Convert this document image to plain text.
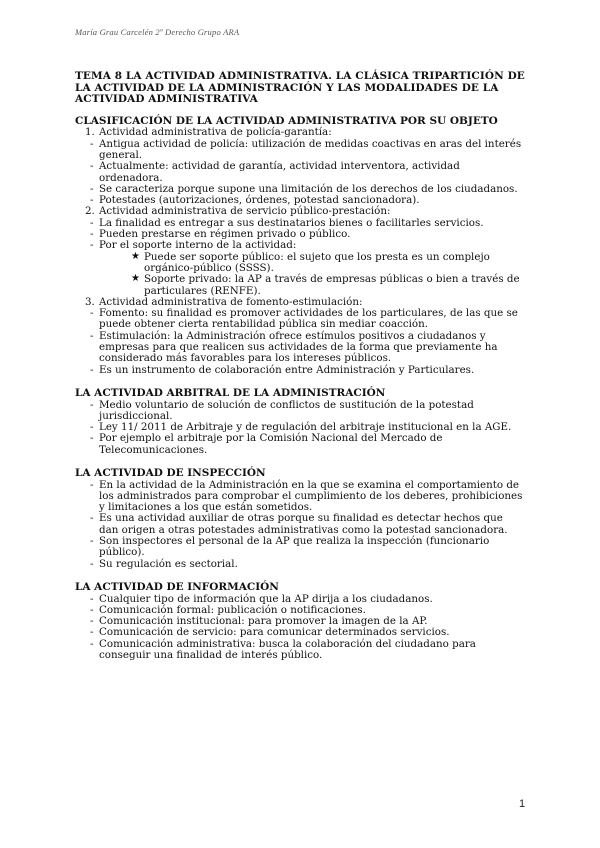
María Grau Carcelén 2º Derecho Grupo ARA

TEMA 8 LA ACTIVIDAD ADMINISTRATIVA. LA CLÁSICA TRIPARTICIÓN DE LA ACTIVIDAD DE LA ADMINISTRACIÓN Y LAS MODALIDADES DE LA ACTIVIDAD ADMINISTRATIVA

CLASIFICACIÓN DE LA ACTIVIDAD ADMINISTRATIVA POR SU OBJETO

1. Actividad administrativa de policía-garantía:
- Antigua actividad de policía: utilización de medidas coactivas en aras del interés general.
- Actualmente: actividad de garantía, actividad interventora, actividad ordenadora.
- Se caracteriza porque supone una limitación de los derechos de los ciudadanos.
- Potestades (autorizaciones, órdenes, potestad sancionadora).
2. Actividad administrativa de servicio público-prestación:
- La finalidad es entregar a sus destinatarios bienes o facilitarles servicios.
- Pueden prestarse en régimen privado o público.
- Por el soporte interno de la actividad:
★ Puede ser soporte público: el sujeto que los presta es un complejo orgánico-público (SSSS).
★ Soporte privado: la AP a través de empresas públicas o bien a través de particulares (RENFE).
3. Actividad administrativa de fomento-estimulación:
- Fomento: su finalidad es promover actividades de los particulares, de las que se puede obtener cierta rentabilidad pública sin mediar coacción.
- Estimulación: la Administración ofrece estímulos positivos a ciudadanos y empresas para que realicen sus actividades de la forma que previamente ha considerado más favorables para los intereses públicos.
- Es un instrumento de colaboración entre Administración y Particulares.

LA ACTIVIDAD ARBITRAL DE LA ADMINISTRACIÓN

- Medio voluntario de solución de conflictos de sustitución de la potestad jurisdiccional.
- Ley 11/ 2011 de Arbitraje y de regulación del arbitraje institucional en la AGE.
- Por ejemplo el arbitraje por la Comisión Nacional del Mercado de Telecomunicaciones.

LA ACTIVIDAD DE INSPECCIÓN

- En la actividad de la Administración en la que se examina el comportamiento de los administrados para comprobar el cumplimiento de los deberes, prohibiciones y limitaciones a los que están sometidos.
- Es una actividad auxiliar de otras porque su finalidad es detectar hechos que dan origen a otras potestades administrativas como la potestad sancionadora.
- Son inspectores el personal de la AP que realiza la inspección (funcionario público).
- Su regulación es sectorial.

LA ACTIVIDAD DE INFORMACIÓN

- Cualquier tipo de información que la AP dirija a los ciudadanos.
- Comunicación formal: publicación o notificaciones.
- Comunicación institucional: para promover la imagen de la AP.
- Comunicación de servicio: para comunicar determinados servicios.
- Comunicación administrativa: busca la colaboración del ciudadano para conseguir una finalidad de interés público.
1
